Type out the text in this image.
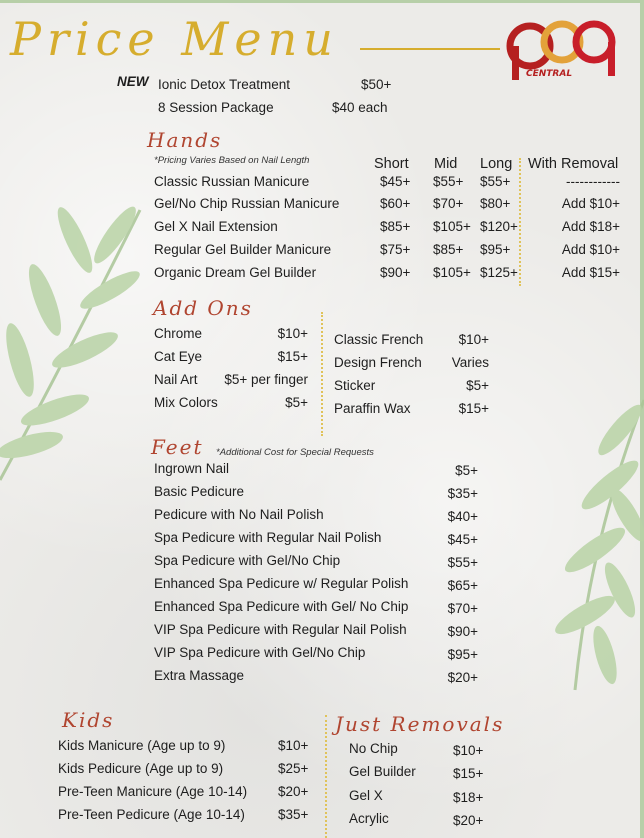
Price Menu
CENTRAL
NEW Ionic Detox Treatment	$50+
8 Session Package	$40 each
Hands
*Pricing Varies Based on Nail Length	Short Mid Long With Removal
Classic Russian Manicure	$45+ $55+ $55+	------------
Gel/No Chip Russian Manicure	$60+ $70+ $80+	Add $10+
Gel X Nail Extension	$85+ $105+ $120+	Add $18+
Regular Gel Builder Manicure	$75+ $85+ $95+	Add $10+
Organic Dream Gel Builder	$90+ $105+ $125+	Add $15+
Add Ons
Chrome	$10+
Cat Eye	$15+
Nail Art $5+ per finger
Mix Colors	$5+
Classic French	$10+
Design French Varies
Sticker	$5+
Paraffin Wax	$15+
Feet *Additional Cost for Special Requests
Ingrown Nail	$5+
Basic Pedicure	$35+
Pedicure with No Nail Polish	$40+
Spa Pedicure with Regular Nail Polish	$45+
Spa Pedicure with Gel/No Chip	$55+
Enhanced Spa Pedicure w/ Regular Polish	$65+
Enhanced Spa Pedicure with Gel/ No Chip	$70+
VIP Spa Pedicure with Regular Nail Polish	$90+
VIP Spa Pedicure with Gel/No Chip	$95+
Extra Massage	$20+
Kids	Just Removals
Kids Manicure (Age up to 9)	$10+
Kids Pedicure (Age up to 9)	$25+
Pre-Teen Manicure (Age 10-14) $20+
Pre-Teen Pedicure (Age 10-14) $35+
No Chip	$10+
Gel Builder	$15+
Gel X	$18+
Acrylic	$20+
